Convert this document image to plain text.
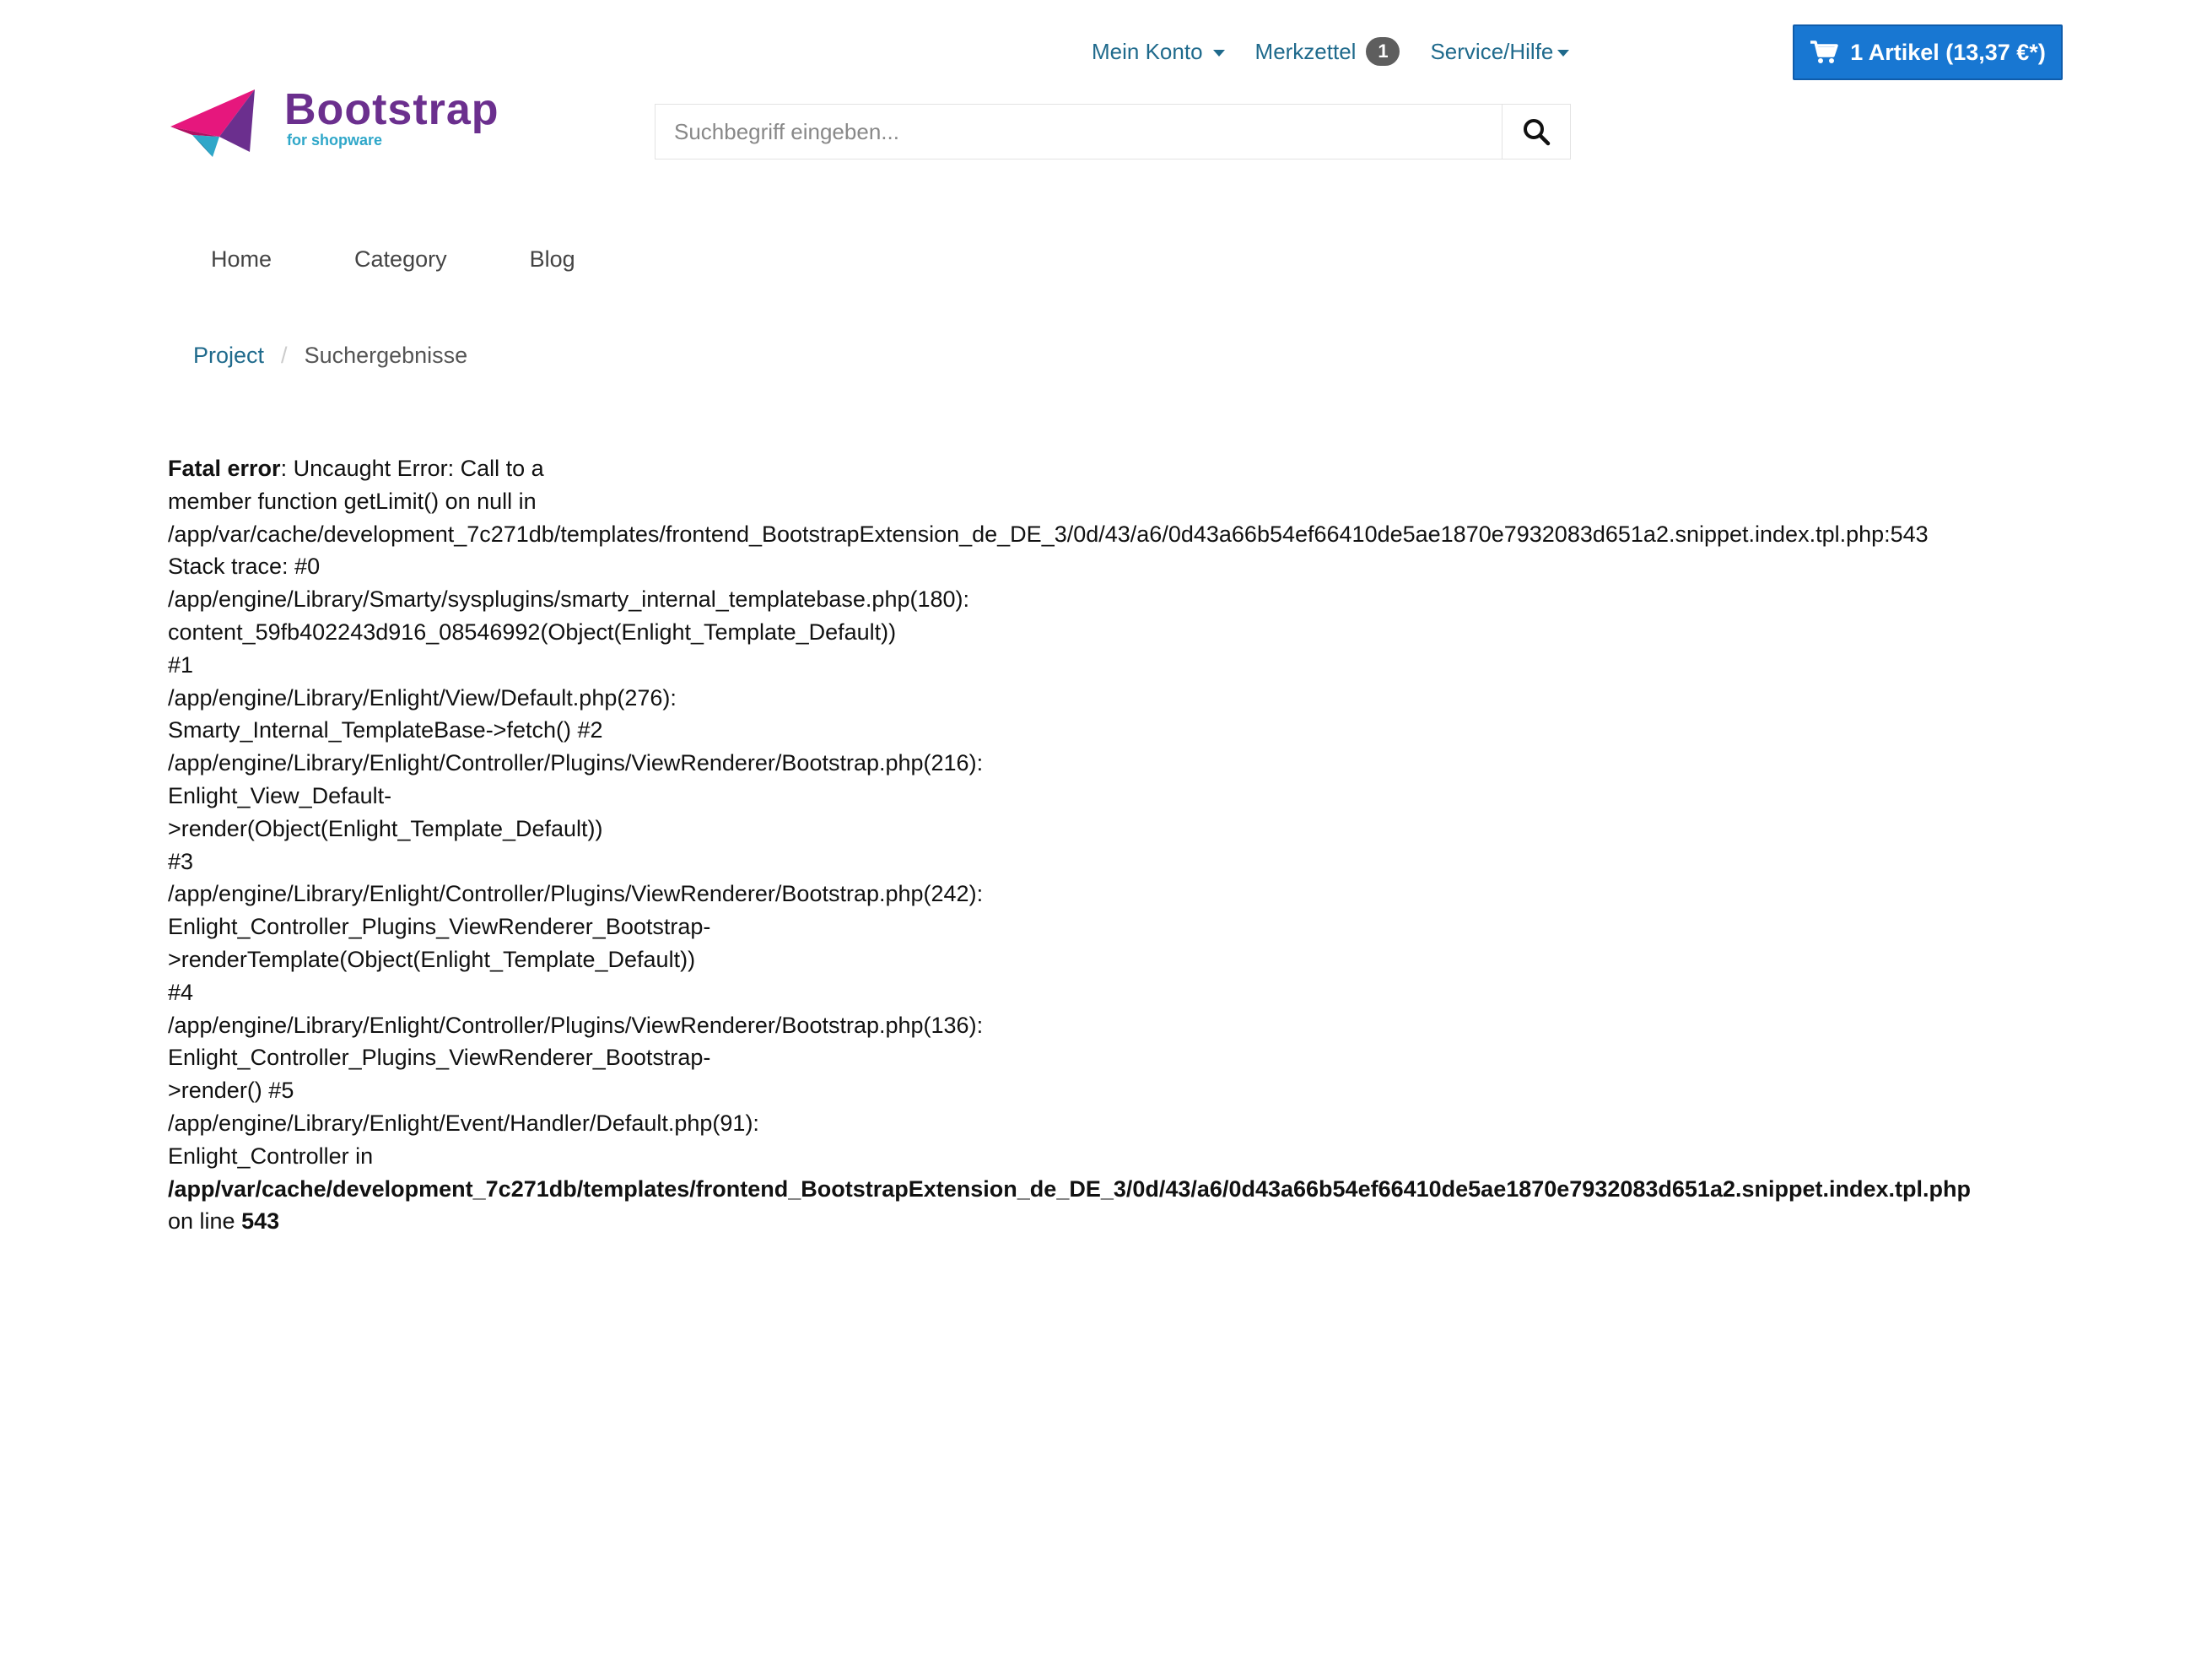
Mein Konto Merkzettel	1	Service/Hilfe	1 Artikel (13,37 €*)
Bootstrap
for shopware
Suchbegriff eingeben...
Home	Category	Blog
Project / Suchergebnisse
Fatal error: Uncaught Error: Call to a
member function getLimit() on null in
/app/var/cache/development_7c271db/templates/frontend_BootstrapExtension_de_DE_3/0d/43/a6/0d43a66b54ef66410de5ae1870e7932083d651a2.snippet.index.tpl.php:543
Stack trace: #0
/app/engine/Library/Smarty/sysplugins/smarty_internal_templatebase.php(180):
content_59fb402243d916_08546992(Object(Enlight_Template_Default))
#1
/app/engine/Library/Enlight/View/Default.php(276):
Smarty_Internal_TemplateBase->fetch() #2
/app/engine/Library/Enlight/Controller/Plugins/ViewRenderer/Bootstrap.php(216):
Enlight_View_Default-
>render(Object(Enlight_Template_Default))
#3
/app/engine/Library/Enlight/Controller/Plugins/ViewRenderer/Bootstrap.php(242):
Enlight_Controller_Plugins_ViewRenderer_Bootstrap-
>renderTemplate(Object(Enlight_Template_Default))
#4
/app/engine/Library/Enlight/Controller/Plugins/ViewRenderer/Bootstrap.php(136):
Enlight_Controller_Plugins_ViewRenderer_Bootstrap-
>render() #5
/app/engine/Library/Enlight/Event/Handler/Default.php(91):
Enlight_Controller in
/app/var/cache/development_7c271db/templates/frontend_BootstrapExtension_de_DE_3/0d/43/a6/0d43a66b54ef66410de5ae1870e7932083d651a2.snippet.index.tpl.php
on line 543
